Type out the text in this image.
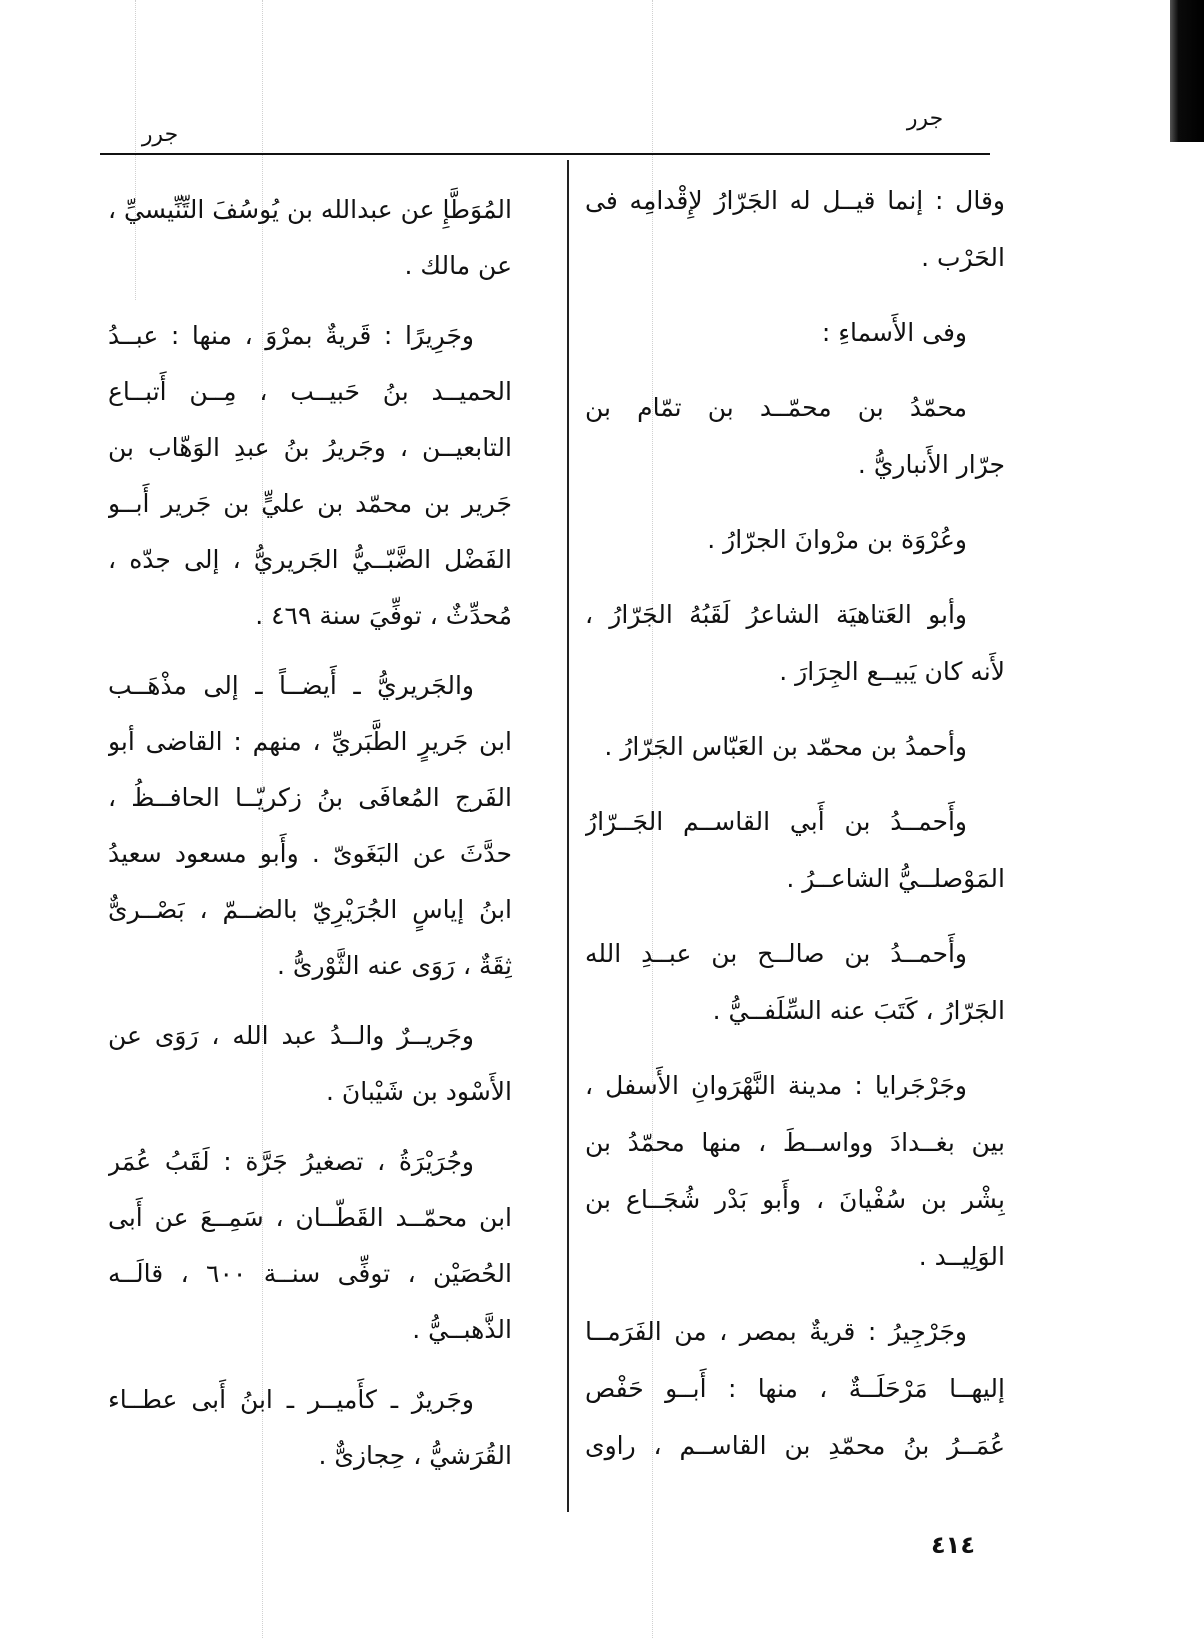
جرر
جرر
وقال : إنما قيــل له الجَرّارُ لإِقْدامِه فى
الحَرْب .
وفى الأَسماءِ :
محمّدُ بن محمّــد بن تمّام بن
جرّار الأَنباريُّ .
وعُرْوَة بن مرْوانَ الجرّارُ .
وأبو العَتاهيَة الشاعرُ لَقَبُهُ الجَرّارُ ،
لأَنه كان يَبيــع الجِرَارَ .
وأحمدُ بن محمّد بن العَبّاس الجَرّارُ .
وأَحمــدُ بن أَبي القاســم الجَــرّارُ
المَوْصلــيُّ الشاعــرُ .
وأَحمــدُ بن صالــح بن عبــدِ الله
الجَرّارُ ، كَتَبَ عنه السِّلَفــيُّ .
وجَرْجَرايا : مدينة النَّهْرَوانِ الأَسفل ،
بين بغــدادَ وواســطَ ، منها محمّدُ بن
بِشْر بن سُفْيانَ ، وأَبو بَدْر شُجَــاع بن
الوَلِيــد .
وجَرْجِيرُ : قريةٌ بمصر ، من الفَرَمــا
إليهــا مَرْحَلَــةٌ ، منها : أَبــو حَفْص
عُمَــرُ بنُ محمّدِ بن القاســم ، راوى
المُوَطَّإِ عن عبدالله بن يُوسُفَ التِّنِّيسيِّ ،
عن مالك .
وجَرِيرًا : قَريةٌ بمرْوَ ، منها : عبــدُ
الحميــد بنُ حَبيــب ، مِــن أَتبــاع
التابعيــن ، وجَريرُ بنُ عبدِ الوَهّاب بن
جَرير بن محمّد بن عليٍّ بن جَرير أَبــو
الفَضْل الضَّبّــيُّ الجَريريُّ ، إلى جدّه ،
مُحدِّثٌ ، توفِّيَ سنة ٤٦٩ .
والجَريريُّ ـ أَيضــاً ـ إلى مذْهَــب
ابن جَريرٍ الطَّبَريِّ ، منهم : القاضى أبو
الفَرج المُعافَى بنُ زكريّــا الحافــظُ ،
حدَّثَ عن البَغَوىّ . وأَبو مسعود سعيدُ
ابنُ إياسٍ الجُرَيْرِيّ بالضــمّ ، بَصْــرىٌّ
ثِقَةٌ ، رَوَى عنه الثَّوْرىُّ .
وجَريــرٌ والــدُ عبد الله ، رَوَى عن
الأَسْود بن شَيْبانَ .
وجُرَيْرَةُ ، تصغيرُ جَرَّة : لَقَبُ عُمَر
ابن محمّــد القَطّــان ، سَمِــعَ عن أَبى
الحُصَيْن ، توفِّى سنــة ٦٠٠ ، قالَــه
الذَّهبــيُّ .
وجَريرٌ ـ كأَميــر ـ ابنُ أَبى عطــاء
القُرَشيُّ ، حِجازىٌّ .
٤١٤
